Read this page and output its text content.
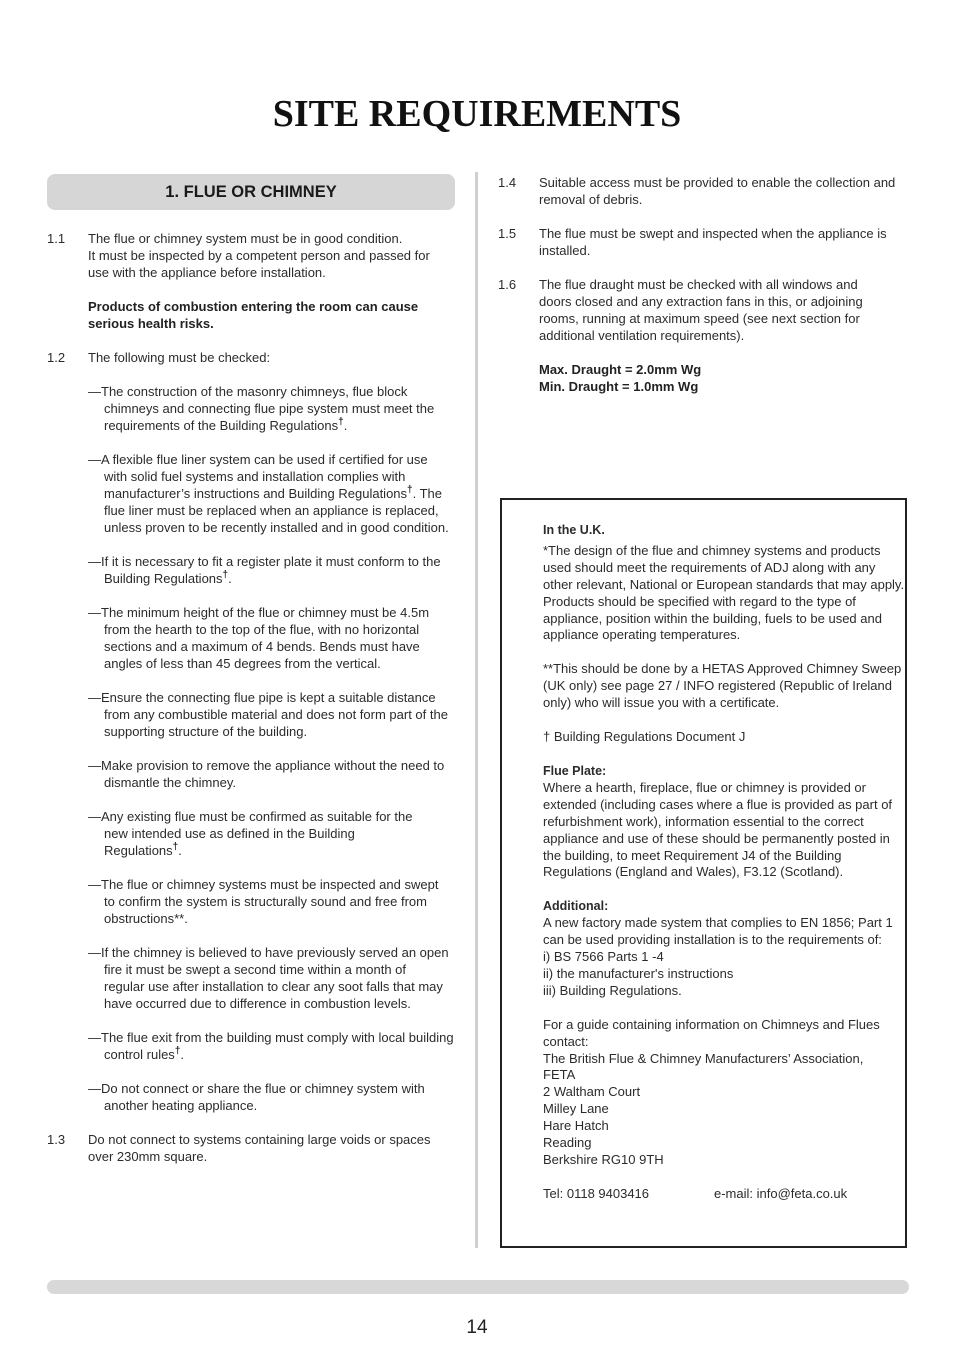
SITE REQUIREMENTS
1. FLUE OR CHIMNEY
1.1 The flue or chimney system must be in good condition.

It must be inspected by a competent person and passed for

use with the appliance before installation.

Products of combustion entering the room can cause serious health risks.

1.2 The following must be checked:

—The construction of the masonry chimneys, flue block chimneys and connecting flue pipe system must meet the requirements of the Building Regulations†.

—A flexible flue liner system can be used if certified for use with solid fuel systems and installation complies with manufacturer’s instructions and Building Regulations†. The flue liner must be replaced when an appliance is replaced, unless proven to be recently installed and in good condition.

—If it is necessary to fit a register plate it must conform to the Building Regulations†.

—The minimum height of the flue or chimney must be 4.5m from the hearth to the top of the flue, with no horizontal sections and a maximum of 4 bends. Bends must have angles of less than 45 degrees from the vertical.

—Ensure the connecting flue pipe is kept a suitable distance from any combustible material and does not form part of the supporting structure of the building.

—Make provision to remove the appliance without the need to dismantle the chimney.

—Any existing flue must be confirmed as suitable for the new intended use as defined in the Building Regulations†.

—The flue or chimney systems must be inspected and swept to confirm the system is structurally sound and free from obstructions**.

—If the chimney is believed to have previously served an open fire it must be swept a second time within a month of regular use after installation to clear any soot falls that may have occurred due to difference in combustion levels.

—The flue exit from the building must comply with local building control rules†.

—Do not connect or share the flue or chimney system with another heating appliance.

1.3 Do not connect to systems containing large voids or spaces over 230mm square.

1.4 Suitable access must be provided to enable the collection and removal of debris.

1.5 The flue must be swept and inspected when the appliance is installed.

1.6 The flue draught must be checked with all windows and doors closed and any extraction fans in this, or adjoining rooms, running at maximum speed (see next section for additional ventilation requirements).

Max. Draught = 2.0mm Wg

Min. Draught = 1.0mm Wg

In the U.K.

*The design of the flue and chimney systems and products used should meet the requirements of ADJ along with any other relevant, National or European standards that may apply. Products should be specified with regard to the type of appliance, position within the building, fuels to be used and appliance operating temperatures.

**This should be done by a HETAS Approved Chimney Sweep (UK only) see page 27 / INFO registered (Republic of Ireland only) who will issue you with a certificate.

† Building Regulations Document J

Flue Plate:

Where a hearth, fireplace, flue or chimney is provided or extended (including cases where a flue is provided as part of refurbishment work), information essential to the correct appliance and use of these should be permanently posted in the building, to meet Requirement J4 of the Building Regulations (England and Wales), F3.12 (Scotland).

Additional:

A new factory made system that complies to EN 1856; Part 1 can be used providing installation is to the requirements of:

i) BS 7566 Parts 1 -4

ii) the manufacturer's instructions

iii) Building Regulations.

For a guide containing information on Chimneys and Flues contact:

The British Flue & Chimney Manufacturers’ Association,

FETA

2 Waltham Court

Milley Lane

Hare Hatch

Reading

Berkshire RG10 9TH

Tel: 0118 9403416	e-mail: info@feta.co.uk

14
